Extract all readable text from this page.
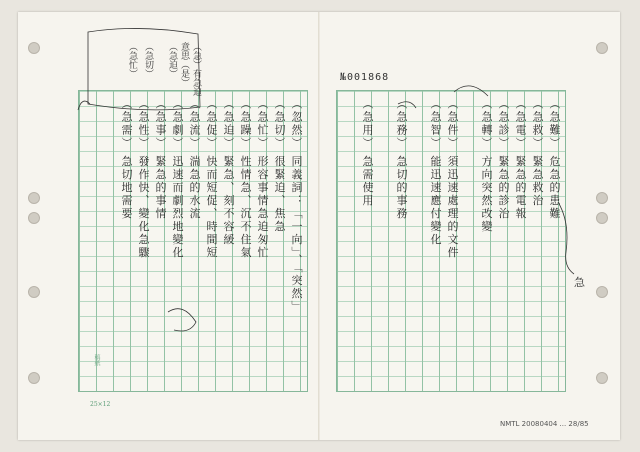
№001868
（忽然） 同義詞：「一向」、「突然」
（急切） 很緊迫、焦急
（急忙） 形容事情急迫匆忙
（急躁） 性情急、沉不住氣
（急迫） 緊急、刻不容緩
（急促） 快而短促、時間短
（急流） 湍急的水流
（急劇） 迅速而劇烈地變化
（急事） 緊急的事情
（急性） 發作快、變化急驟
（急需） 急切地需要	（急難） 危急的患難
（急救） 緊急救治
（急電） 緊急的電報
（急診） 緊急的診治
（急轉） 方向突然改變
（急件） 須迅速處理的文件
（急智） 能迅速應付變化
（急務） 急切的事務
（急用） 急需使用
（急）有急迫
意思（是）
（急迫）
（急切）
（急忙）
急
稿紙
25×12
NMTL 20080404 ... 28/85
